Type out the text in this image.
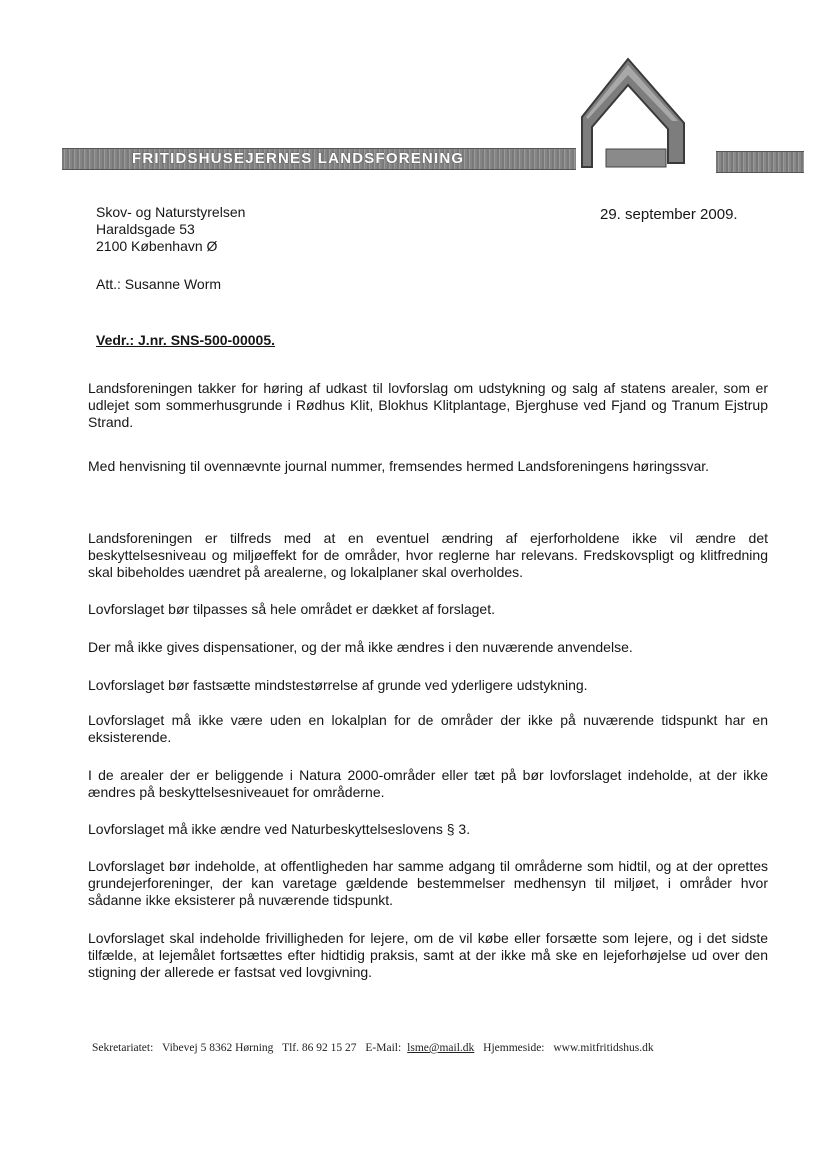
FRITIDSHUSEJERNES LANDSFORENING
Skov- og Naturstyrelsen
Haraldsgade 53
2100 København Ø
29. september 2009.
Att.: Susanne Worm
Vedr.: J.nr. SNS-500-00005.

Landsforeningen takker for høring af udkast til lovforslag om udstykning og salg af statens arealer, som er udlejet som sommerhusgrunde i Rødhus Klit, Blokhus Klitplantage, Bjerghuse ved Fjand og Tranum Ejstrup Strand.

Med henvisning til ovennævnte journal nummer, fremsendes hermed Landsforeningens høringssvar.

Landsforeningen er tilfreds med at en eventuel ændring af ejerforholdene ikke vil ændre det beskyttelsesniveau og miljøeffekt for de områder, hvor reglerne har relevans. Fredskovspligt og klitfredning skal bibeholdes uændret på arealerne, og lokalplaner skal overholdes.

Lovforslaget bør tilpasses så hele området er dækket af forslaget.

Der må ikke gives dispensationer, og der må ikke ændres i den nuværende anvendelse.

Lovforslaget bør fastsætte mindstestørrelse af grunde ved yderligere udstykning.

Lovforslaget må ikke være uden en lokalplan for de områder der ikke på nuværende tidspunkt har en eksisterende.

I de arealer der er beliggende i Natura 2000-områder eller tæt på bør lovforslaget indeholde, at der ikke ændres på beskyttelsesniveauet for områderne.

Lovforslaget må ikke ændre ved Naturbeskyttelseslovens § 3.

Lovforslaget bør indeholde, at offentligheden har samme adgang til områderne som hidtil, og at der oprettes grundejerforeninger, der kan varetage gældende bestemmelser medhensyn til miljøet, i områder hvor sådanne ikke eksisterer på nuværende tidspunkt.

Lovforslaget skal indeholde frivilligheden for lejere, om de vil købe eller forsætte som lejere, og i det sidste tilfælde, at lejemålet fortsættes efter hidtidig praksis, samt at der ikke må ske en lejeforhøjelse ud over den stigning der allerede er fastsat ved lovgivning.

Sekretariatet: Vibevej 5 8362 Hørning Tlf. 86 92 15 27 E-Mail: lsme@mail.dk Hjemmeside: www.mitfritidshus.dk
